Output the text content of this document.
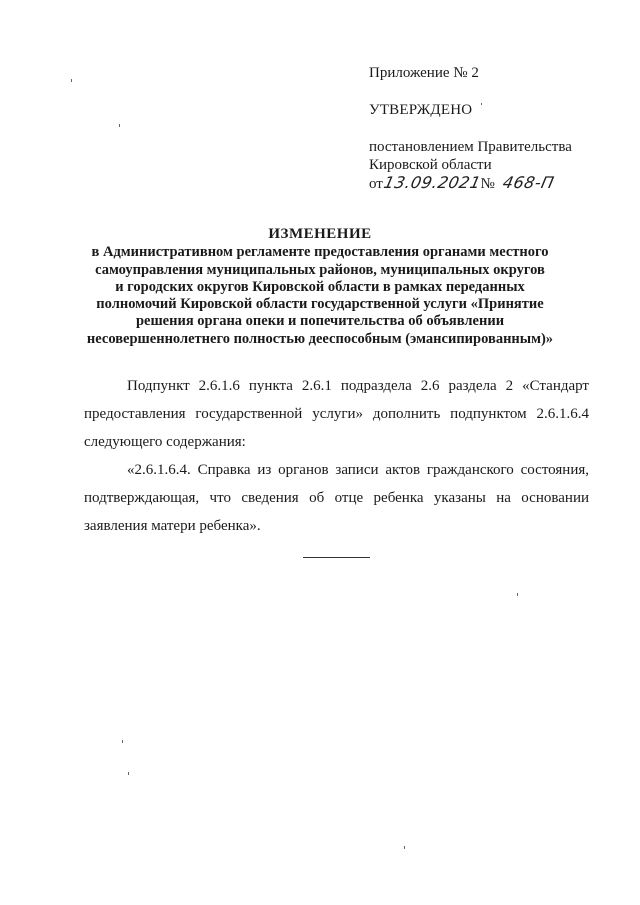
Приложение № 2
УТВЕРЖДЕНО
постановлением Правительства
Кировской области
от13.09.2021№ 468-П
ИЗМЕНЕНИЕ
в Административном регламенте предоставления органами местного
самоуправления муниципальных районов, муниципальных округов
и городских округов Кировской области в рамках переданных
полномочий Кировской области государственной услуги «Принятие
решения органа опеки и попечительства об объявлении
несовершеннолетнего полностью дееспособным (эмансипированным)»

Подпункт 2.6.1.6 пункта 2.6.1 подраздела 2.6 раздела 2 «Стандарт предоставления государственной услуги» дополнить подпунктом 2.6.1.6.4 следующего содержания:

«2.6.1.6.4. Справка из органов записи актов гражданского состояния, подтверждающая, что сведения об отце ребенка указаны на основании заявления матери ребенка».
